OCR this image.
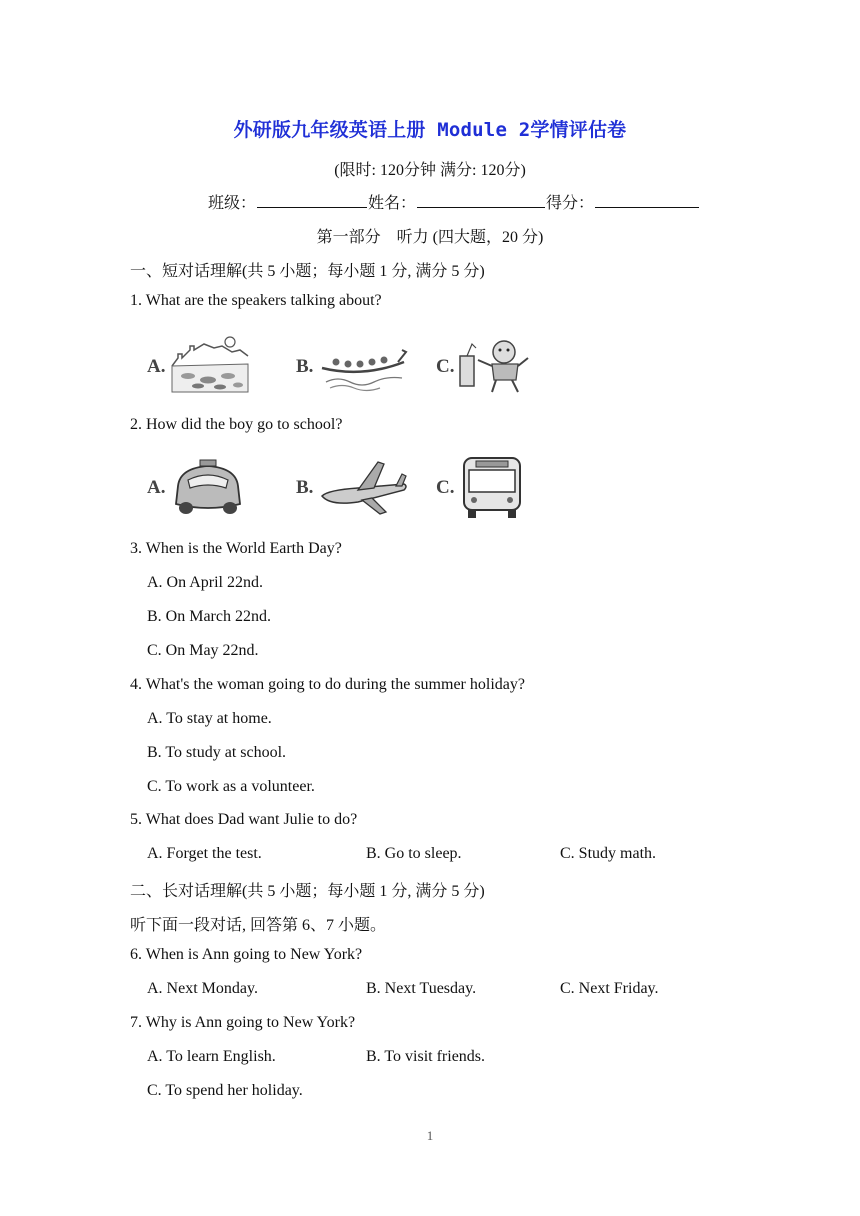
外研版九年级英语上册 Module 2学情评估卷
(限时: 120分钟 满分: 120分)
班级：	姓名：	得分：
第一部分　听力 (四大题，20 分)
一、短对话理解(共 5 小题；每小题 1 分, 满分 5 分)
1. What are the speakers talking about?
A.	B.	C.
2. How did the boy go to school?
A.	B.	C.
3. When is the World Earth Day?
A. On April 22nd.
B. On March 22nd.
C. On May 22nd.
4. What's the woman going to do during the summer holiday?
A. To stay at home.
B. To study at school.
C. To work as a volunteer.
5. What does Dad want Julie to do?
A. Forget the test.	B. Go to sleep.	C. Study math.
二、长对话理解(共 5 小题；每小题 1 分, 满分 5 分)
听下面一段对话, 回答第 6、7 小题。
6. When is Ann going to New York?
A. Next Monday.	B. Next Tuesday.	C. Next Friday.
7. Why is Ann going to New York?
A. To learn English.	B. To visit friends.
C. To spend her holiday.
1
